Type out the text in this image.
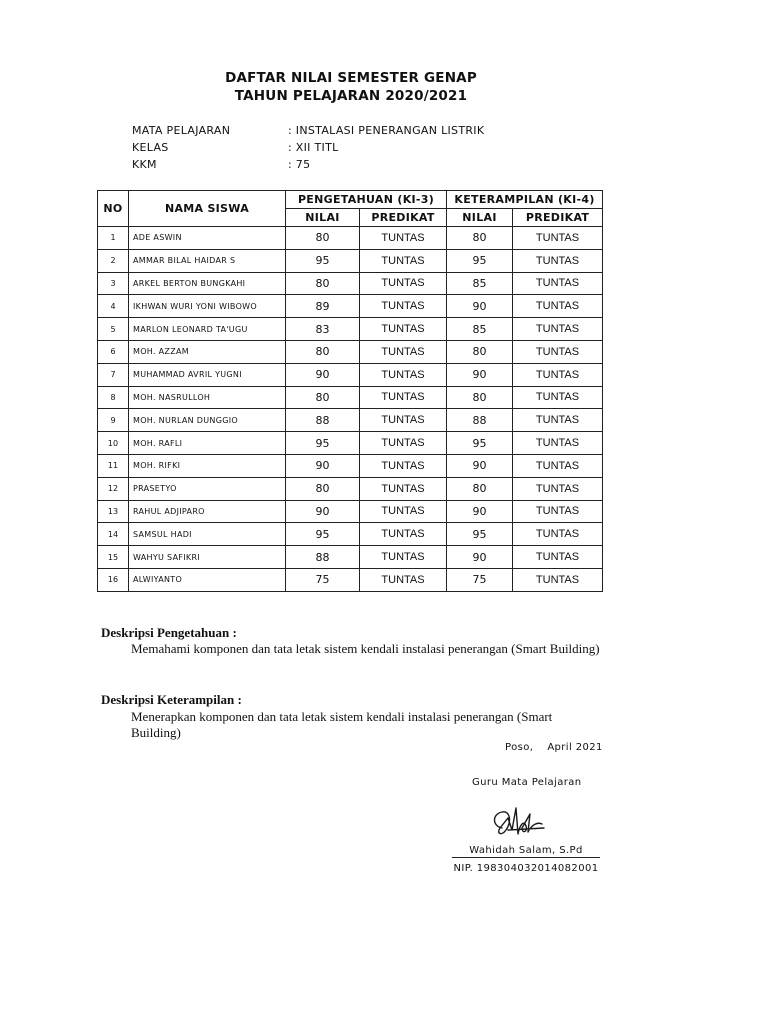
DAFTAR NILAI SEMESTER GENAP
TAHUN PELAJARAN 2020/2021
MATA PELAJARAN	: INSTALASI PENERANGAN LISTRIK
KELAS	: XII TITL
KKM	: 75
NO	NAMA SISWA	PENGETAHUAN (KI-3)		KETERAMPILAN (KI-4)	
		NILAI	PREDIKAT	NILAI	PREDIKAT
1	ADE ASWIN	80	TUNTAS	80	TUNTAS
2	AMMAR BILAL HAIDAR S	95	TUNTAS	95	TUNTAS
3	ARKEL BERTON BUNGKAHI	80	TUNTAS	85	TUNTAS
4	IKHWAN WURI YONI WIBOWO	89	TUNTAS	90	TUNTAS
5	MARLON LEONARD TA'UGU	83	TUNTAS	85	TUNTAS
6	MOH. AZZAM	80	TUNTAS	80	TUNTAS
7	MUHAMMAD AVRIL YUGNI	90	TUNTAS	90	TUNTAS
8	MOH. NASRULLOH	80	TUNTAS	80	TUNTAS
9	MOH. NURLAN DUNGGIO	88	TUNTAS	88	TUNTAS
10	MOH. RAFLI	95	TUNTAS	95	TUNTAS
11	MOH. RIFKI	90	TUNTAS	90	TUNTAS
12	PRASETYO	80	TUNTAS	80	TUNTAS
13	RAHUL ADJIPARO	90	TUNTAS	90	TUNTAS
14	SAMSUL HADI	95	TUNTAS	95	TUNTAS
15	WAHYU SAFIKRI	88	TUNTAS	90	TUNTAS
16	ALWIYANTO	75	TUNTAS	75	TUNTAS
Deskripsi Pengetahuan :
Memahami komponen dan tata letak sistem kendali instalasi penerangan (Smart Building)
Deskripsi Keterampilan :
Menerapkan komponen dan tata letak sistem kendali instalasi penerangan (Smart Building)
Poso, April 2021
Guru Mata Pelajaran
Wahidah Salam, S.Pd
NIP. 198304032014082001
